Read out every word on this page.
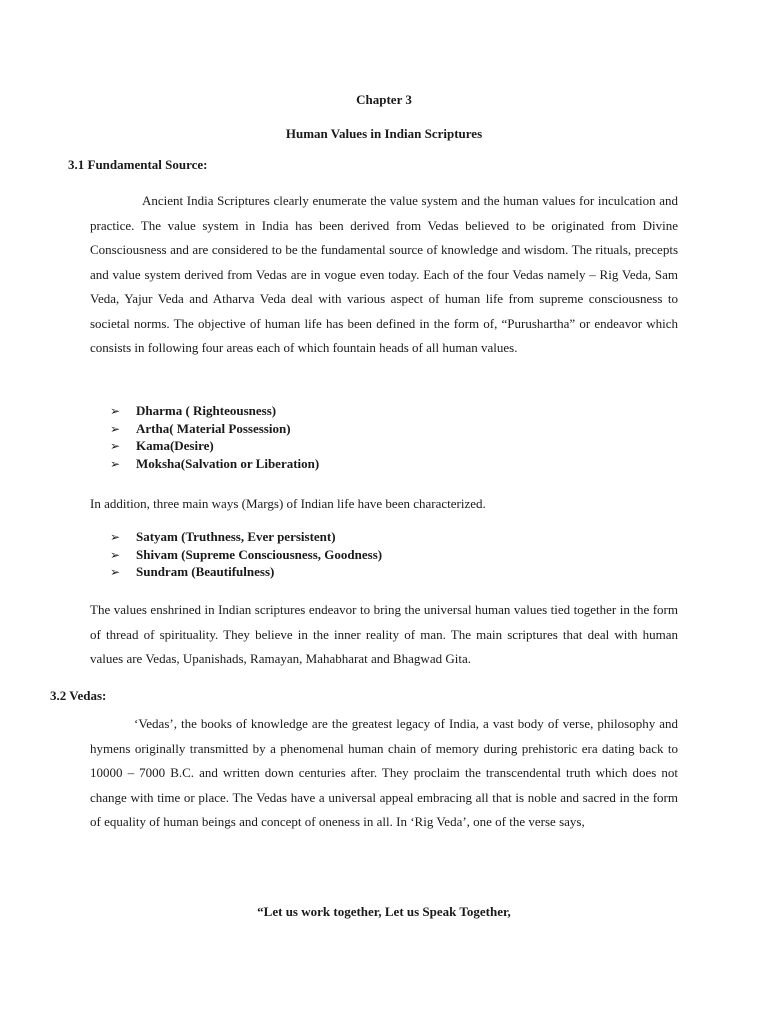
Chapter 3
Human Values in Indian Scriptures
3.1 Fundamental Source:
Ancient India Scriptures clearly enumerate the value system and the human values for inculcation and practice. The value system in India has been derived from Vedas believed to be originated from Divine Consciousness and are considered to be the fundamental source of knowledge and wisdom. The rituals, precepts and value system derived from Vedas are in vogue even today. Each of the four Vedas namely – Rig Veda, Sam Veda, Yajur Veda and Atharva Veda deal with various aspect of human life from supreme consciousness to societal norms. The objective of human life has been defined in the form of, “Purushartha” or endeavor which consists in following four areas each of which fountain heads of all human values.
➢ Dharma ( Righteousness)
➢ Artha( Material Possession)
➢ Kama(Desire)
➢ Moksha(Salvation or Liberation)
In addition, three main ways (Margs) of Indian life have been characterized.
➢ Satyam (Truthness, Ever persistent)
➢ Shivam (Supreme Consciousness, Goodness)
➢ Sundram (Beautifulness)
The values enshrined in Indian scriptures endeavor to bring the universal human values tied together in the form of thread of spirituality. They believe in the inner reality of man. The main scriptures that deal with human values are Vedas, Upanishads, Ramayan, Mahabharat and Bhagwad Gita.
3.2 Vedas:
‘Vedas’, the books of knowledge are the greatest legacy of India, a vast body of verse, philosophy and hymens originally transmitted by a phenomenal human chain of memory during prehistoric era dating back to 10000 – 7000 B.C. and written down centuries after. They proclaim the transcendental truth which does not change with time or place. The Vedas have a universal appeal embracing all that is noble and sacred in the form of equality of human beings and concept of oneness in all. In ‘Rig Veda’, one of the verse says,
“Let us work together, Let us Speak Together,
